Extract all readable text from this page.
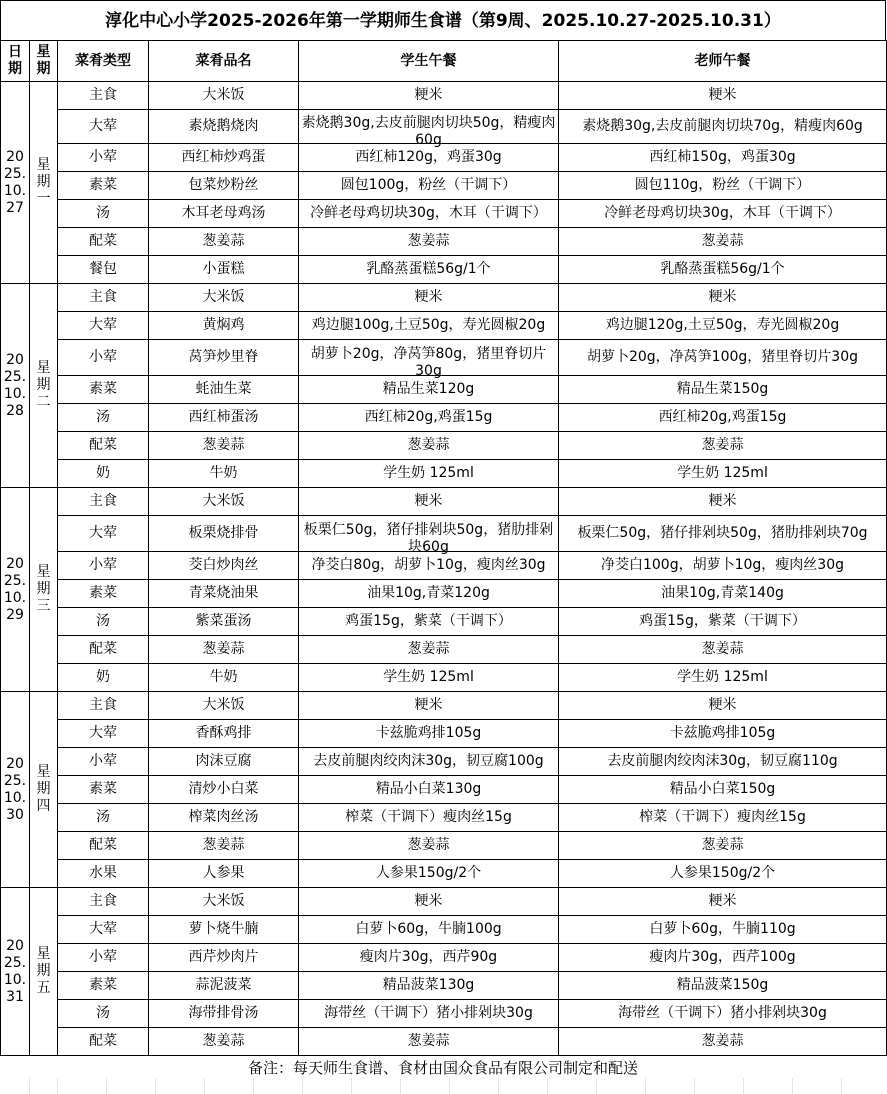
淳化中心小学2025-2026年第一学期师生食谱（第9周、2025.10.27-2025.10.31）
日期	星期	菜肴类型	菜肴品名	学生午餐	老师午餐
2025.10.27	星期一	主食	大米饭	粳米	粳米

		大荤	素烧鹅烧肉	素烧鹅30g,去皮前腿肉切块50g，精瘦肉60g	素烧鹅30g,去皮前腿肉切块70g，精瘦肉60g

		小荤	西红柿炒鸡蛋	西红柿120g，鸡蛋30g	西红柿150g，鸡蛋30g

		素菜	包菜炒粉丝	圆包100g，粉丝（干调下）	圆包110g，粉丝（干调下）

		汤	木耳老母鸡汤	冷鲜老母鸡切块30g，木耳（干调下）	冷鲜老母鸡切块30g，木耳（干调下）

		配菜	葱姜蒜	葱姜蒜	葱姜蒜

		餐包	小蛋糕	乳酪蒸蛋糕56g/1个	乳酪蒸蛋糕56g/1个

2025.10.28	星期二	主食	大米饭	粳米	粳米

		大荤	黄焖鸡	鸡边腿100g,土豆50g，寿光圆椒20g	鸡边腿120g,土豆50g，寿光圆椒20g

		小荤	莴笋炒里脊	胡萝卜20g，净莴笋80g，猪里脊切片30g	胡萝卜20g，净莴笋100g，猪里脊切片30g

		素菜	蚝油生菜	精品生菜120g	精品生菜150g

		汤	西红柿蛋汤	西红柿20g,鸡蛋15g	西红柿20g,鸡蛋15g

		配菜	葱姜蒜	葱姜蒜	葱姜蒜

		奶	牛奶	学生奶 125ml	学生奶 125ml

2025.10.29	星期三	主食	大米饭	粳米	粳米

		大荤	板栗烧排骨	板栗仁50g，猪仔排剁块50g，猪肋排剁块60g	板栗仁50g，猪仔排剁块50g，猪肋排剁块70g

		小荤	茭白炒肉丝	净茭白80g，胡萝卜10g，瘦肉丝30g	净茭白100g，胡萝卜10g，瘦肉丝30g

		素菜	青菜烧油果	油果10g,青菜120g	油果10g,青菜140g

		汤	紫菜蛋汤	鸡蛋15g，紫菜（干调下）	鸡蛋15g，紫菜（干调下）

		配菜	葱姜蒜	葱姜蒜	葱姜蒜

		奶	牛奶	学生奶 125ml	学生奶 125ml

2025.10.30	星期四	主食	大米饭	粳米	粳米

		大荤	香酥鸡排	卡兹脆鸡排105g	卡兹脆鸡排105g

		小荤	肉沫豆腐	去皮前腿肉绞肉沫30g，韧豆腐100g	去皮前腿肉绞肉沫30g，韧豆腐110g

		素菜	清炒小白菜	精品小白菜130g	精品小白菜150g

		汤	榨菜肉丝汤	榨菜（干调下）瘦肉丝15g	榨菜（干调下）瘦肉丝15g

		配菜	葱姜蒜	葱姜蒜	葱姜蒜

		水果	人参果	人参果150g/2个	人参果150g/2个

2025.10.31	星期五	主食	大米饭	粳米	粳米

		大荤	萝卜烧牛腩	白萝卜60g，牛腩100g	白萝卜60g，牛腩110g

		小荤	西芹炒肉片	瘦肉片30g，西芹90g	瘦肉片30g，西芹100g

		素菜	蒜泥菠菜	精品菠菜130g	精品菠菜150g

		汤	海带排骨汤	海带丝（干调下）猪小排剁块30g	海带丝（干调下）猪小排剁块30g

		配菜	葱姜蒜	葱姜蒜	葱姜蒜
备注：每天师生食谱、食材由国众食品有限公司制定和配送
